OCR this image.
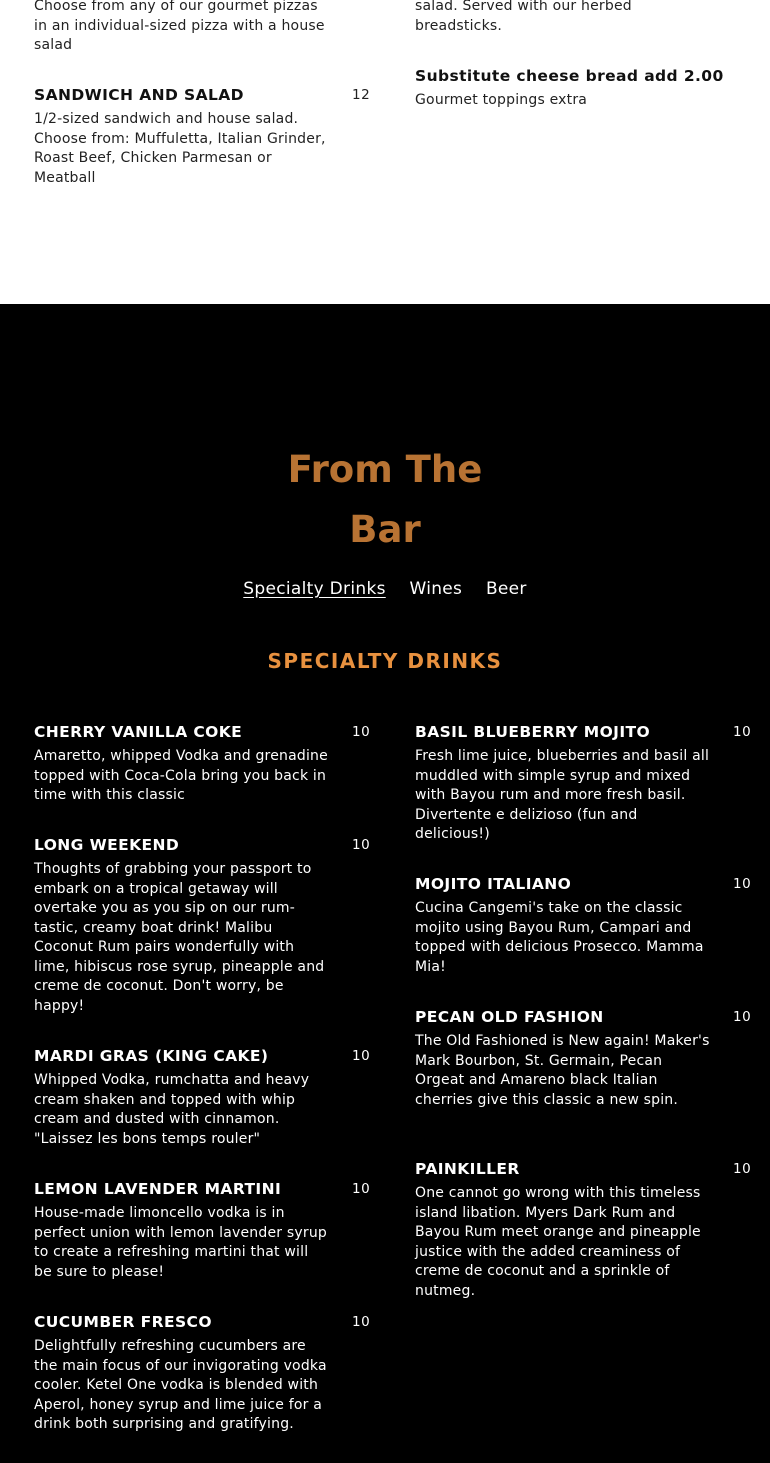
Choose from any of our gourmet pizzas in an individual-sized pizza with a house salad

salad. Served with our herbed breadsticks.

SANDWICH AND SALAD	12

1/2-sized sandwich and house salad. Choose from: Muffuletta, Italian Grinder, Roast Beef, Chicken Parmesan or Meatball

Substitute cheese bread add 2.00

Gourmet toppings extra

From The
Bar
Specialty Drinks Wines Beer
SPECIALTY DRINKS
CHERRY VANILLA COKE	10

Amaretto, whipped Vodka and grenadine topped with Coca-Cola bring you back in time with this classic

LONG WEEKEND	10

Thoughts of grabbing your passport to embark on a tropical getaway will overtake you as you sip on our rum-tastic, creamy boat drink! Malibu Coconut Rum pairs wonderfully with lime, hibiscus rose syrup, pineapple and creme de coconut. Don't worry, be happy!

MARDI GRAS (KING CAKE)	10

Whipped Vodka, rumchatta and heavy cream shaken and topped with whip cream and dusted with cinnamon. "Laissez les bons temps rouler"

LEMON LAVENDER MARTINI	10

House-made limoncello vodka is in perfect union with lemon lavender syrup to create a refreshing martini that will be sure to please!

CUCUMBER FRESCO	10

Delightfully refreshing cucumbers are the main focus of our invigorating vodka cooler. Ketel One vodka is blended with Aperol, honey syrup and lime juice for a drink both surprising and gratifying.

BASIL BLUEBERRY MOJITO	10

Fresh lime juice, blueberries and basil all muddled with simple syrup and mixed with Bayou rum and more fresh basil. Divertente e delizioso (fun and delicious!)

MOJITO ITALIANO	10

Cucina Cangemi's take on the classic mojito using Bayou Rum, Campari and topped with delicious Prosecco. Mamma Mia!

PECAN OLD FASHION	10

The Old Fashioned is New again! Maker's Mark Bourbon, St. Germain, Pecan Orgeat and Amareno black Italian cherries give this classic a new spin.

PAINKILLER	10

One cannot go wrong with this timeless island libation. Myers Dark Rum and Bayou Rum meet orange and pineapple justice with the added creaminess of creme de coconut and a sprinkle of nutmeg.
